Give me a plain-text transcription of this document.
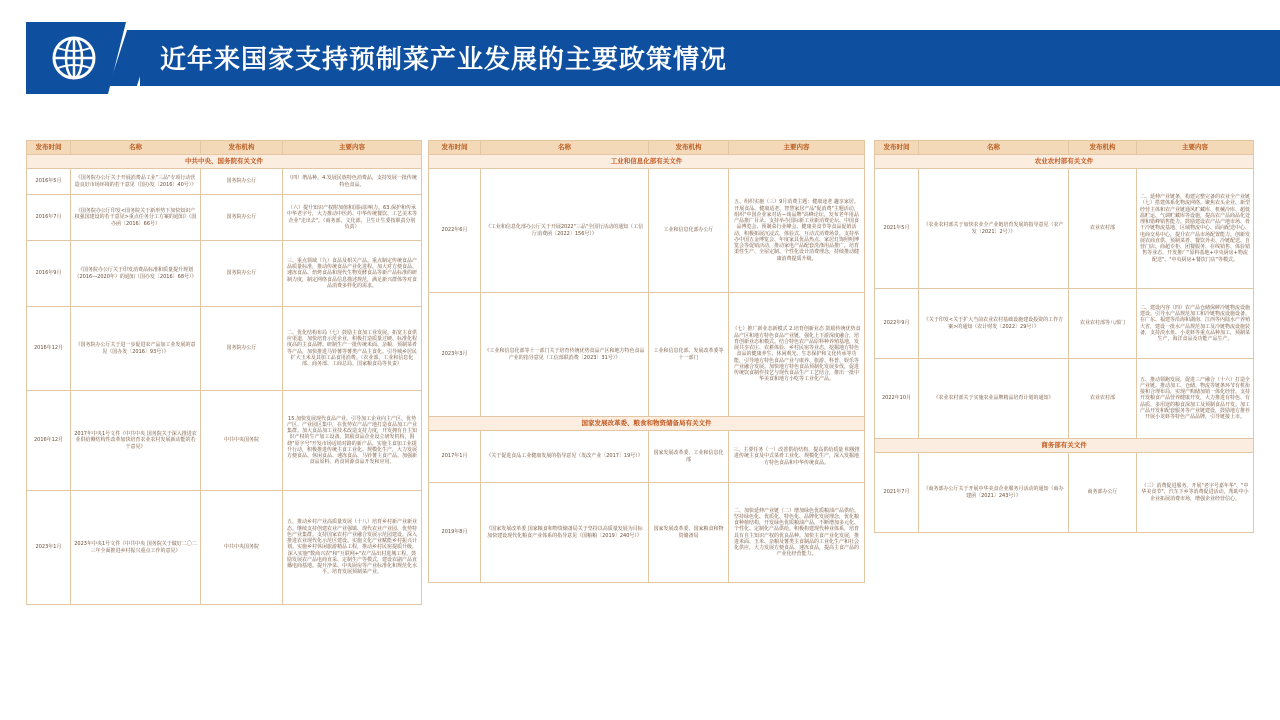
近年来国家支持预制菜产业发展的主要政策情况
发布时间	名称	发布机构	主要内容
中共中央、国务院有关文件			
2016年5月	《国务院办公厅关于开展消费品工业"三品"专项行动营造良好市场环境的若干意见（国办发〔2016〕40号）》	国务院办公厅	（四）增品种。4.发展民族特色消费品，支持发展一批传统特色食品。
2016年7月	《国务院办公厅印发<国务院关于新形势下加快知识产权强国建设的若干意见>重点任务分工方案的通知》（国办函〔2016〕66号）	国务院办公厅	（六）提升知识产权附加值和国际影响力。63.保护和传承中华老字号，大力推动中医药、中华传统餐饮、工艺美术等企业"走出去"。（商务部、文化部、卫生计生委按职责分别负责）
2016年9月	《国务院办公厅关于印发消费品标准和质量提升规划（2016—2020年）的通知（国办发〔2016〕68号）》	国务院办公厅	三、重点领域（九）食品及相关产品。重点制定传统食品产品质量标准，推动传统食品产业化进程。加大对方便食品、速冻食品、焙烤食品和现代生物发酵食品等新产品标准的研制力度，制定网络食品信息描述规范，满足新兴群体等对食品消费多样化的需求。
2016年12月	《国务院办公厅关于进一步促进农产品加工业发展的意见（国办发〔2016〕93号）》	国务院办公厅	二、优化结构布局（七）鼓励主食加工业发展。拓宽主食供应渠道，加快培育示范企业，积极打造质量过硬、标准化程度高的主食品牌。研制生产一批传统米面、杂粮、预制菜肴等产品，加快推进马铃薯等薯类产品主食化。引导城乡居民扩大玉米及其加工品食用消费。（农业部、工业和信息化部、商务部、工商总局、国家粮食局等负责）
2016年12月	2017年中央1号文件《中共中央 国务院关于深入推进农业供给侧结构性改革加快培育农业农村发展新动能的若干意见》	中共中央国务院	15.加快发展现代食品产业。引导加工企业向主产区、优势产区、产业园区集中，在优势农产品产地打造食品加工产业集群。加大食品加工业技术改造支持力度，开发拥有自主知识产权的生产加工设备。鼓励食品企业设立研发机构，围绕"原字号"开发市场适销对路的新产品。实施主食加工业提升行动，积极推进传统主食工业化、规模化生产，大力发展方便食品、休闲食品、速冻食品、马铃薯主食产品。加强新食品原料、药食同源食品开发和应用。
2023年1月	2023年中央1号文件《中共中央 国务院关于做好二〇二三年全面推进乡村振兴重点工作的意见》	中共中央国务院	五、推动乡村产业高质量发展（十八）培育乡村新产业新业态。继续支持创建农业产业强镇、现代农业产业园、优势特色产业集群。支持国家农村产业融合发展示范园建设。深入推进农业现代化示范区建设。实施文化产业赋能乡村振兴计划。实施乡村休闲旅游精品工程，推动乡村民宿提质升级。深入实施"数商兴农"和"互联网+"农产品出村进城工程，鼓励发展农产品电商直采、定制生产等模式，建设农副产品直播电商基地。提升净菜、中央厨房等产业标准化和规范化水平。培育发展预制菜产业。
发布时间	名称	发布机构	主要内容
工业和信息化部有关文件			
2022年6月	《工业和信息化部办公厅关于开展2022"三品"全国行活动的通知（工信厅消费函〔2022〕156号）》	工业和信息化部办公厅	五、组织实施（三）9月消费主题：健康途老 趣享家居。开展食品、健康适老、智慧家居产品"促消费"主题活动，组织"中国企业家对话—谈品牌"高峰论坛，发布老年用品产品推广目录。支持举办国际新工业新消费论坛、中国食品博览会、预制菜行业峰会、健康美食节等食品促销活动，积极拓展沉浸式、体验式、互动式消费场景。支持举办中国五金博览会、年度家具优品热点、家居灯饰照明博览会等促销活动，推动家电产品配套洗涤用品推广，培育柔性生产、全屋定制、个性化设计消费理念，持续推动健康消费提质升级。
2023年3月	《工业和信息化部等十一部门关于培育传统优势食品产区和地方特色食品产业的指导意见（工信部联消费〔2023〕31号）》	工业和信息化部、发展改革委等十一部门	（七）推广新业态新模式 2.培育创新业态 鼓励传统优势食品产区和地方特色食品产业链，强化上下游深度融合，培育创新业态和模式。结合特色农产品原料种养殖基地，发展共享农庄、农耕体验、乡村民宿等业态。挖掘地方特色食品的健康养生、休闲观光、生态保护和文化传承等功能，引导地方特色食品产业与康养、旅游、科普、娱乐等产业融合发展。加快地方特色食品预制化发展步伐，促进传统饮食制作技艺与现代食品生产工艺结合，推出一批中华美食和地方小吃等工业化产品。
国家发展改革委、粮食和物资储备局有关文件			
2017年1月	《关于促进食品工业健康发展的指导意见（发改产业〔2017〕19号）》	国家发展改革委、工业和信息化部	三、主要任务（一）改善供给结构，提高供给质量 积极推进传统主食及中式菜肴工业化、规模化生产，深入发掘地方特色食品和中华传统食品。
2019年8月	《国家发展改革委 国家粮食和物资储备局关于坚持以高质量发展为目标加快建设现代化粮食产业体系的指导意见（国粮粮〔2019〕240号）》	国家发展改革委、国家粮食和物资储备局	二、加快延伸产业链（二）增加绿色优质粮油产品供给。坚持绿色化、优质化、特色化、品牌化发展理念，优化粮食种植结构，开发绿色优质粮油产品，不断增加多元化、个性化、定制化产品供给。积极构建现代种业体系，培育具有自主知识产权的优良品种。加快主食产业化发展，推进米面、玉米、杂粮及薯类主食制品的工业化生产和社会化供应，大力发展方便食品、速冻食品，提高主食产品的产业化经营能力。
发布时间	名称	发布机构	主要内容
农业农村部有关文件			
2021年5月	《农业农村部关于加快农业全产业链培育发展的指导意见（农产发〔2021〕2号）》	农业农村部	二、延伸产业链条，构建完整完备的农业全产业链（七）搭建体系化物流网络。聚焦农头企业、新型经营主体和农产业链通风贮藏库、机械冷库、超低温贮运、气调贮藏库等设施，提高农产品商品化处理和错峰销售能力。鼓励建设农产品产地市场、骨干冷链物流基地、区域物流中心、面向配送中心、电商交易中心，提升农产品市场配置能力。创新发展农商直供、预制菜肴、餐饮外卖、冷链配送、自营门店、商超专柜、团餐服务、在线销售、体验销售等业态，开发推广"原料基地+中央厨房+物流配送"、"中央厨房+餐饮门店"等模式。
2022年9月	《关于印发<关于扩大当前农业农村基础设施建设投资的工作方案>的通知（农计财发〔2022〕29号）》	农业农村部等八部门	二、建设内容（四）农产品仓储保鲜冷链物流设施建设。引导水产品规范加工和冷链物流设施设备。在广东、福建等沿海和湖南、江西等内陆水产养殖大省，建设一批水产品规范加工及冷链物流设施装备，支持淡水鱼、小龙虾等重点品种加工，预制菜生产，海洋食品及功能产品生产。
2022年10月	《农业农村部关于实施农业品牌精品培育计划的通知》	农业农村部	五、推动领跑发展，促进三产融合（十六）打造全产业链。推动加工、仓储、物流等链条环节有机衔接和合理布局，实现产购储加销一体化经营。支持开发粮食产品营养健康开发，大力推进有特色、有品质、多用途的粮食深加工及预制食品开发。加工产品开发和配套服务等产业链建设，鼓励地方推荐开展小龙虾等特色产品品牌，引导链接上市。
商务部有关文件			
2021年7月	《商务部办公厅关于开展中华美食企业服务月活动的通知（商办建函〔2021〕243号）》	商务部办公厅	（三）消费促进服务。开展"老字号嘉年华"、"中华美食节"、汽车下乡等消费促进活动，帮助中小企业拓展消费市场，增强企业经营信心。
